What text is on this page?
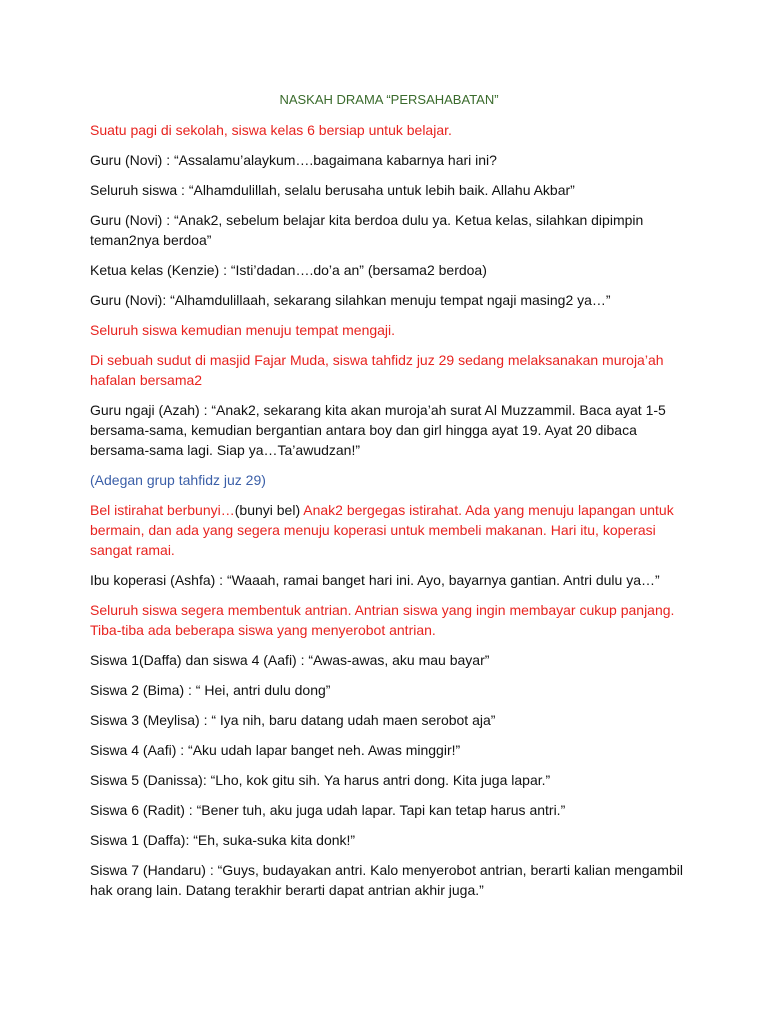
NASKAH DRAMA “PERSAHABATAN”

Suatu pagi di sekolah, siswa kelas 6 bersiap untuk belajar.

Guru (Novi) : “Assalamu’alaykum….bagaimana kabarnya hari ini?

Seluruh siswa : “Alhamdulillah, selalu berusaha untuk lebih baik. Allahu Akbar”

Guru (Novi) : “Anak2, sebelum belajar kita berdoa dulu ya. Ketua kelas, silahkan dipimpin teman2nya berdoa”

Ketua kelas (Kenzie) : “Isti’dadan….do’a an” (bersama2 berdoa)

Guru (Novi): “Alhamdulillaah, sekarang silahkan menuju tempat ngaji masing2 ya…”

Seluruh siswa kemudian menuju tempat mengaji.

Di sebuah sudut di masjid Fajar Muda, siswa tahfidz juz 29 sedang melaksanakan muroja’ah hafalan bersama2

Guru ngaji (Azah) : “Anak2, sekarang kita akan muroja’ah surat Al Muzzammil. Baca ayat 1-5 bersama-sama, kemudian bergantian antara boy dan girl hingga ayat 19. Ayat 20 dibaca bersama-sama lagi. Siap ya…Ta’awudzan!”

(Adegan grup tahfidz juz 29)

Bel istirahat berbunyi…(bunyi bel) Anak2 bergegas istirahat. Ada yang menuju lapangan untuk bermain, dan ada yang segera menuju koperasi untuk membeli makanan. Hari itu, koperasi sangat ramai.

Ibu koperasi (Ashfa) : “Waaah, ramai banget hari ini. Ayo, bayarnya gantian. Antri dulu ya…”

Seluruh siswa segera membentuk antrian. Antrian siswa yang ingin membayar cukup panjang. Tiba-tiba ada beberapa siswa yang menyerobot antrian.

Siswa 1(Daffa) dan siswa 4 (Aafi) : “Awas-awas, aku mau bayar”

Siswa 2 (Bima) : “ Hei, antri dulu dong”

Siswa 3 (Meylisa) : “ Iya nih, baru datang udah maen serobot aja”

Siswa 4 (Aafi) : “Aku udah lapar banget neh. Awas minggir!”

Siswa 5 (Danissa): “Lho, kok gitu sih. Ya harus antri dong. Kita juga lapar.”

Siswa 6 (Radit) : “Bener tuh, aku juga udah lapar. Tapi kan tetap harus antri.”

Siswa 1 (Daffa): “Eh, suka-suka kita donk!”

Siswa 7 (Handaru) : “Guys, budayakan antri. Kalo menyerobot antrian, berarti kalian mengambil hak orang lain. Datang terakhir berarti dapat antrian akhir juga.”
